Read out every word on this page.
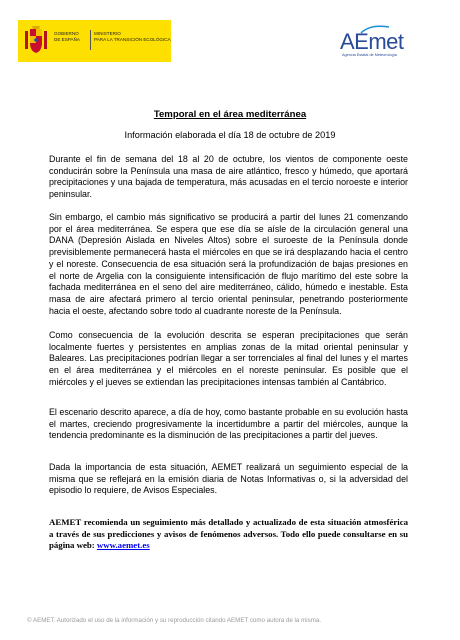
GOBIERNO
DE ESPAÑA
MINISTERIO
PARA LA TRANSICIÓN ECOLÓGICA	AEmet
Agencia Estatal de Meteorología
Temporal en el área mediterránea
Información elaborada el día 18 de octubre de 2019

Durante el fin de semana del 18 al 20 de octubre, los vientos de componente oeste conducirán sobre la Península una masa de aire atlántico, fresco y húmedo, que aportará precipitaciones y una bajada de temperatura, más acusadas en el tercio noroeste e interior peninsular.

Sin embargo, el cambio más significativo se producirá a partir del lunes 21 comenzando por el área mediterránea. Se espera que ese día se aísle de la circulación general una DANA (Depresión Aislada en Niveles Altos) sobre el suroeste de la Península donde previsiblemente permanecerá hasta el miércoles en que se irá desplazando hacia el centro y el noreste. Consecuencia de esa situación será la profundización de bajas presiones en el norte de Argelia con la consiguiente intensificación de flujo marítimo del este sobre la fachada mediterránea en el seno del aire mediterráneo, cálido, húmedo e inestable. Esta masa de aire afectará primero al tercio oriental peninsular, penetrando posteriormente hacia el oeste, afectando sobre todo al cuadrante noreste de la Península.

Como consecuencia de la evolución descrita se esperan precipitaciones que serán localmente fuertes y persistentes en amplias zonas de la mitad oriental peninsular y Baleares. Las precipitaciones podrían llegar a ser torrenciales al final del lunes y el martes en el área mediterránea y el miércoles en el noreste peninsular. Es posible que el miércoles y el jueves se extiendan las precipitaciones intensas también al Cantábrico.

El escenario descrito aparece, a día de hoy, como bastante probable en su evolución hasta el martes, creciendo progresivamente la incertidumbre a partir del miércoles, aunque la tendencia predominante es la disminución de las precipitaciones a partir del jueves.

Dada la importancia de esta situación, AEMET realizará un seguimiento especial de la misma que se reflejará en la emisión diaria de Notas Informativas o, si la adversidad del episodio lo requiere, de Avisos Especiales.

AEMET recomienda un seguimiento más detallado y actualizado de esta situación atmosférica a través de sus predicciones y avisos de fenómenos adversos. Todo ello puede consultarse en su página web: www.aemet.es

© AEMET. Autorizado el uso de la información y su reproducción citando AEMET como autora de la misma.
